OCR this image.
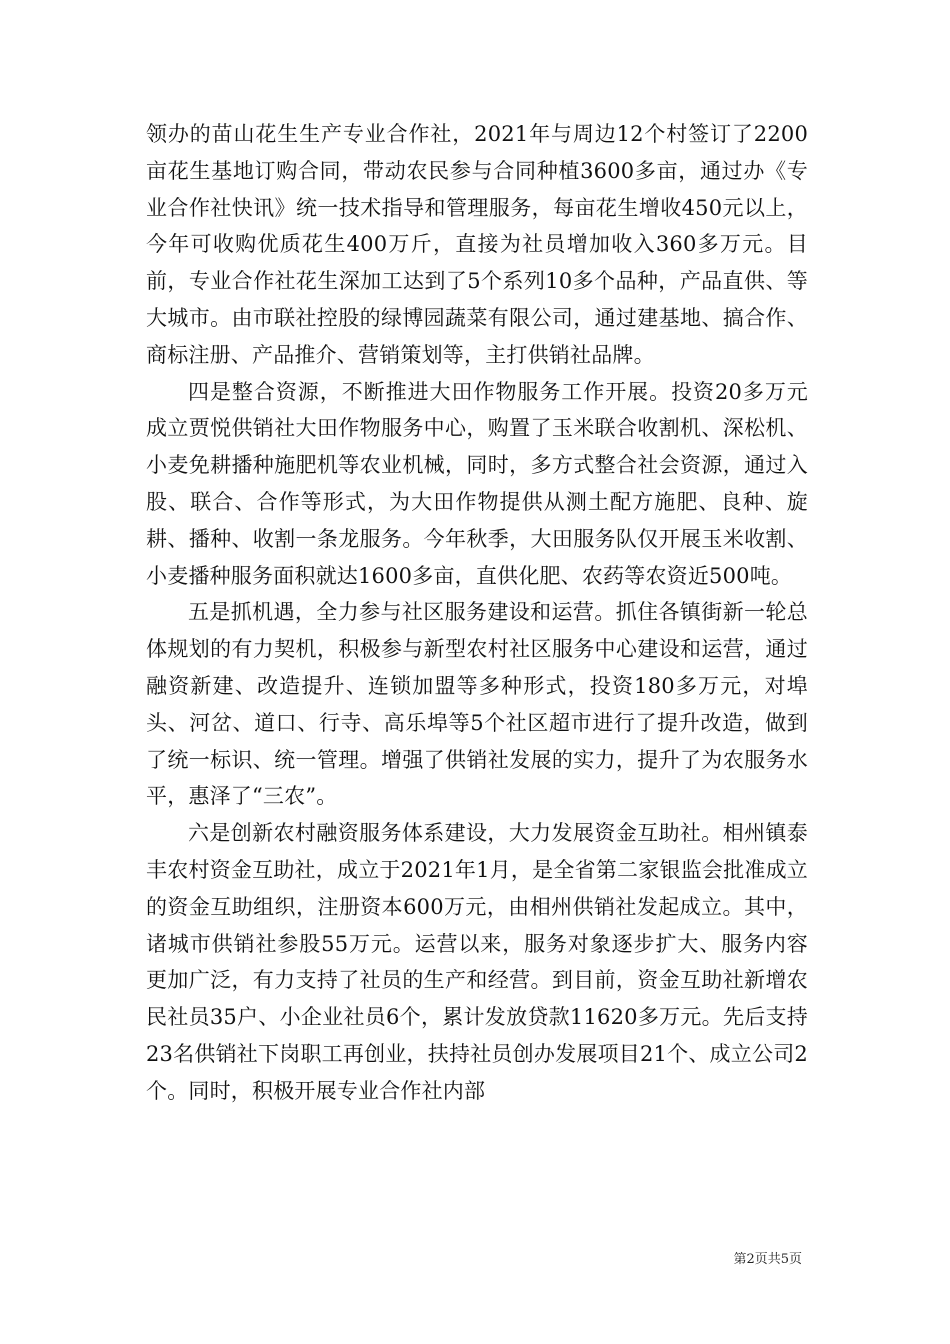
领办的苗山花生生产专业合作社，2021年与周边12个村签订了2200亩花生基地订购合同，带动农民参与合同种植3600多亩，通过办《专业合作社快讯》统一技术指导和管理服务，每亩花生增收450元以上，今年可收购优质花生400万斤，直接为社员增加收入360多万元。目前，专业合作社花生深加工达到了5个系列10多个品种，产品直供、等大城市。由市联社控股的绿博园蔬菜有限公司，通过建基地、搞合作、商标注册、产品推介、营销策划等，主打供销社品牌。

四是整合资源，不断推进大田作物服务工作开展。投资20多万元成立贾悦供销社大田作物服务中心，购置了玉米联合收割机、深松机、小麦免耕播种施肥机等农业机械，同时，多方式整合社会资源，通过入股、联合、合作等形式，为大田作物提供从测土配方施肥、良种、旋耕、播种、收割一条龙服务。今年秋季，大田服务队仅开展玉米收割、小麦播种服务面积就达1600多亩，直供化肥、农药等农资近500吨。

五是抓机遇，全力参与社区服务建设和运营。抓住各镇街新一轮总体规划的有力契机，积极参与新型农村社区服务中心建设和运营，通过融资新建、改造提升、连锁加盟等多种形式，投资180多万元，对埠头、河岔、道口、行寺、高乐埠等5个社区超市进行了提升改造，做到了统一标识、统一管理。增强了供销社发展的实力，提升了为农服务水平，惠泽了“三农”。

六是创新农村融资服务体系建设，大力发展资金互助社。相州镇泰丰农村资金互助社，成立于2021年1月，是全省第二家银监会批准成立的资金互助组织，注册资本600万元，由相州供销社发起成立。其中，诸城市供销社参股55万元。运营以来，服务对象逐步扩大、服务内容更加广泛，有力支持了社员的生产和经营。到目前，资金互助社新增农民社员35户、小企业社员6个，累计发放贷款11620多万元。先后支持23名供销社下岗职工再创业，扶持社员创办发展项目21个、成立公司2个。同时，积极开展专业合作社内部

第2页共5页
